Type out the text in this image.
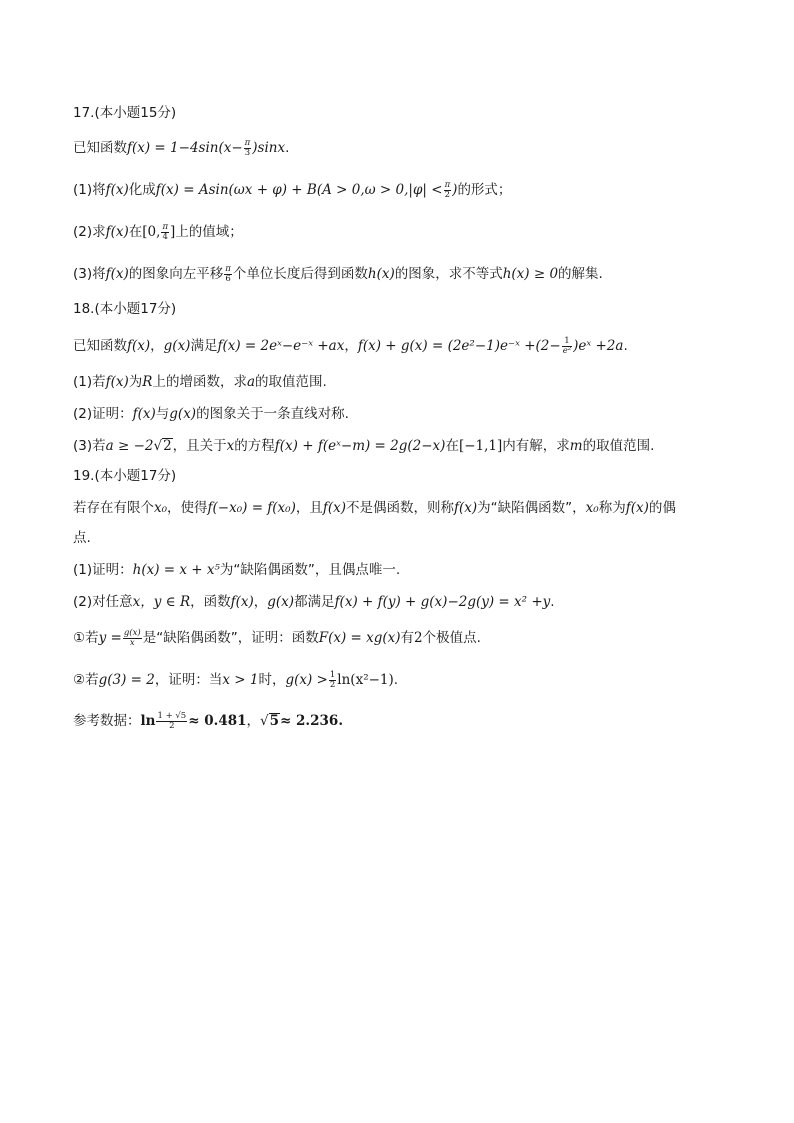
17.(本小题15分)
已知函数$f(x) = 1-4\sin(x- \frac{\pi}{3} )\sin x$.
(1)将f(x)化成$f(x) = Asin(\omega x + \varphi) + B(A > 0,\omega > 0,|\varphi| < \frac{\pi}{2}$ )的形式；
(2)求f(x)在[0, $\frac{\pi}{4}$ ]上的值域；
(3)将f(x)的图象向左平移 $\frac{\pi}{6}$ 个单位长度后得到函数h(x)的图象，求不等式h(x) ≥ 0的解集.
18.(本小题17分)
已知函数f(x)，g(x)满足f(x) = 2eˣ−e⁻ˣ +ax，f(x) + g(x) = (2e²−1)e⁻ˣ $+(2- \frac{1}{\text{e²}}$ )eˣ +2a.
(1)若f(x)为R上的增函数，求a的取值范围.
(2)证明：f(x)与g(x)的图象关于一条直线对称.
(3)若a ≥ −2√2，且关于x的方程f(x) + f(eˣ−m) = 2g(2−x)在[−1,1]内有解，求m的取值范围.
19.(本小题17分)
若存在有限个x₀，使得f(−x₀) = f(x₀)，且f(x)不是偶函数，则称f(x)为“缺陷偶函数”，x₀称为f(x)的偶
点.
(1)证明：h(x) = x + x⁵为“缺陷偶函数”，且偶点唯一.
(2)对任意x，y ∈ R，函数f(x)，g(x)都满足f(x) + f(y) + g(x)−2g(y) = x² +y.
①若$y = \frac{g(x)}{x}$ 是“缺陷偶函数”，证明：函数F(x) = xg(x)有2个极值点.
②若g(3) = 2，证明：当x > 1时，$g(x) > \frac{1}{2} \ln(x^2-1)$.
参考数据：$\ln \frac{1 + √5}{2} \approx 0.481$，√5≈ 2.236.
